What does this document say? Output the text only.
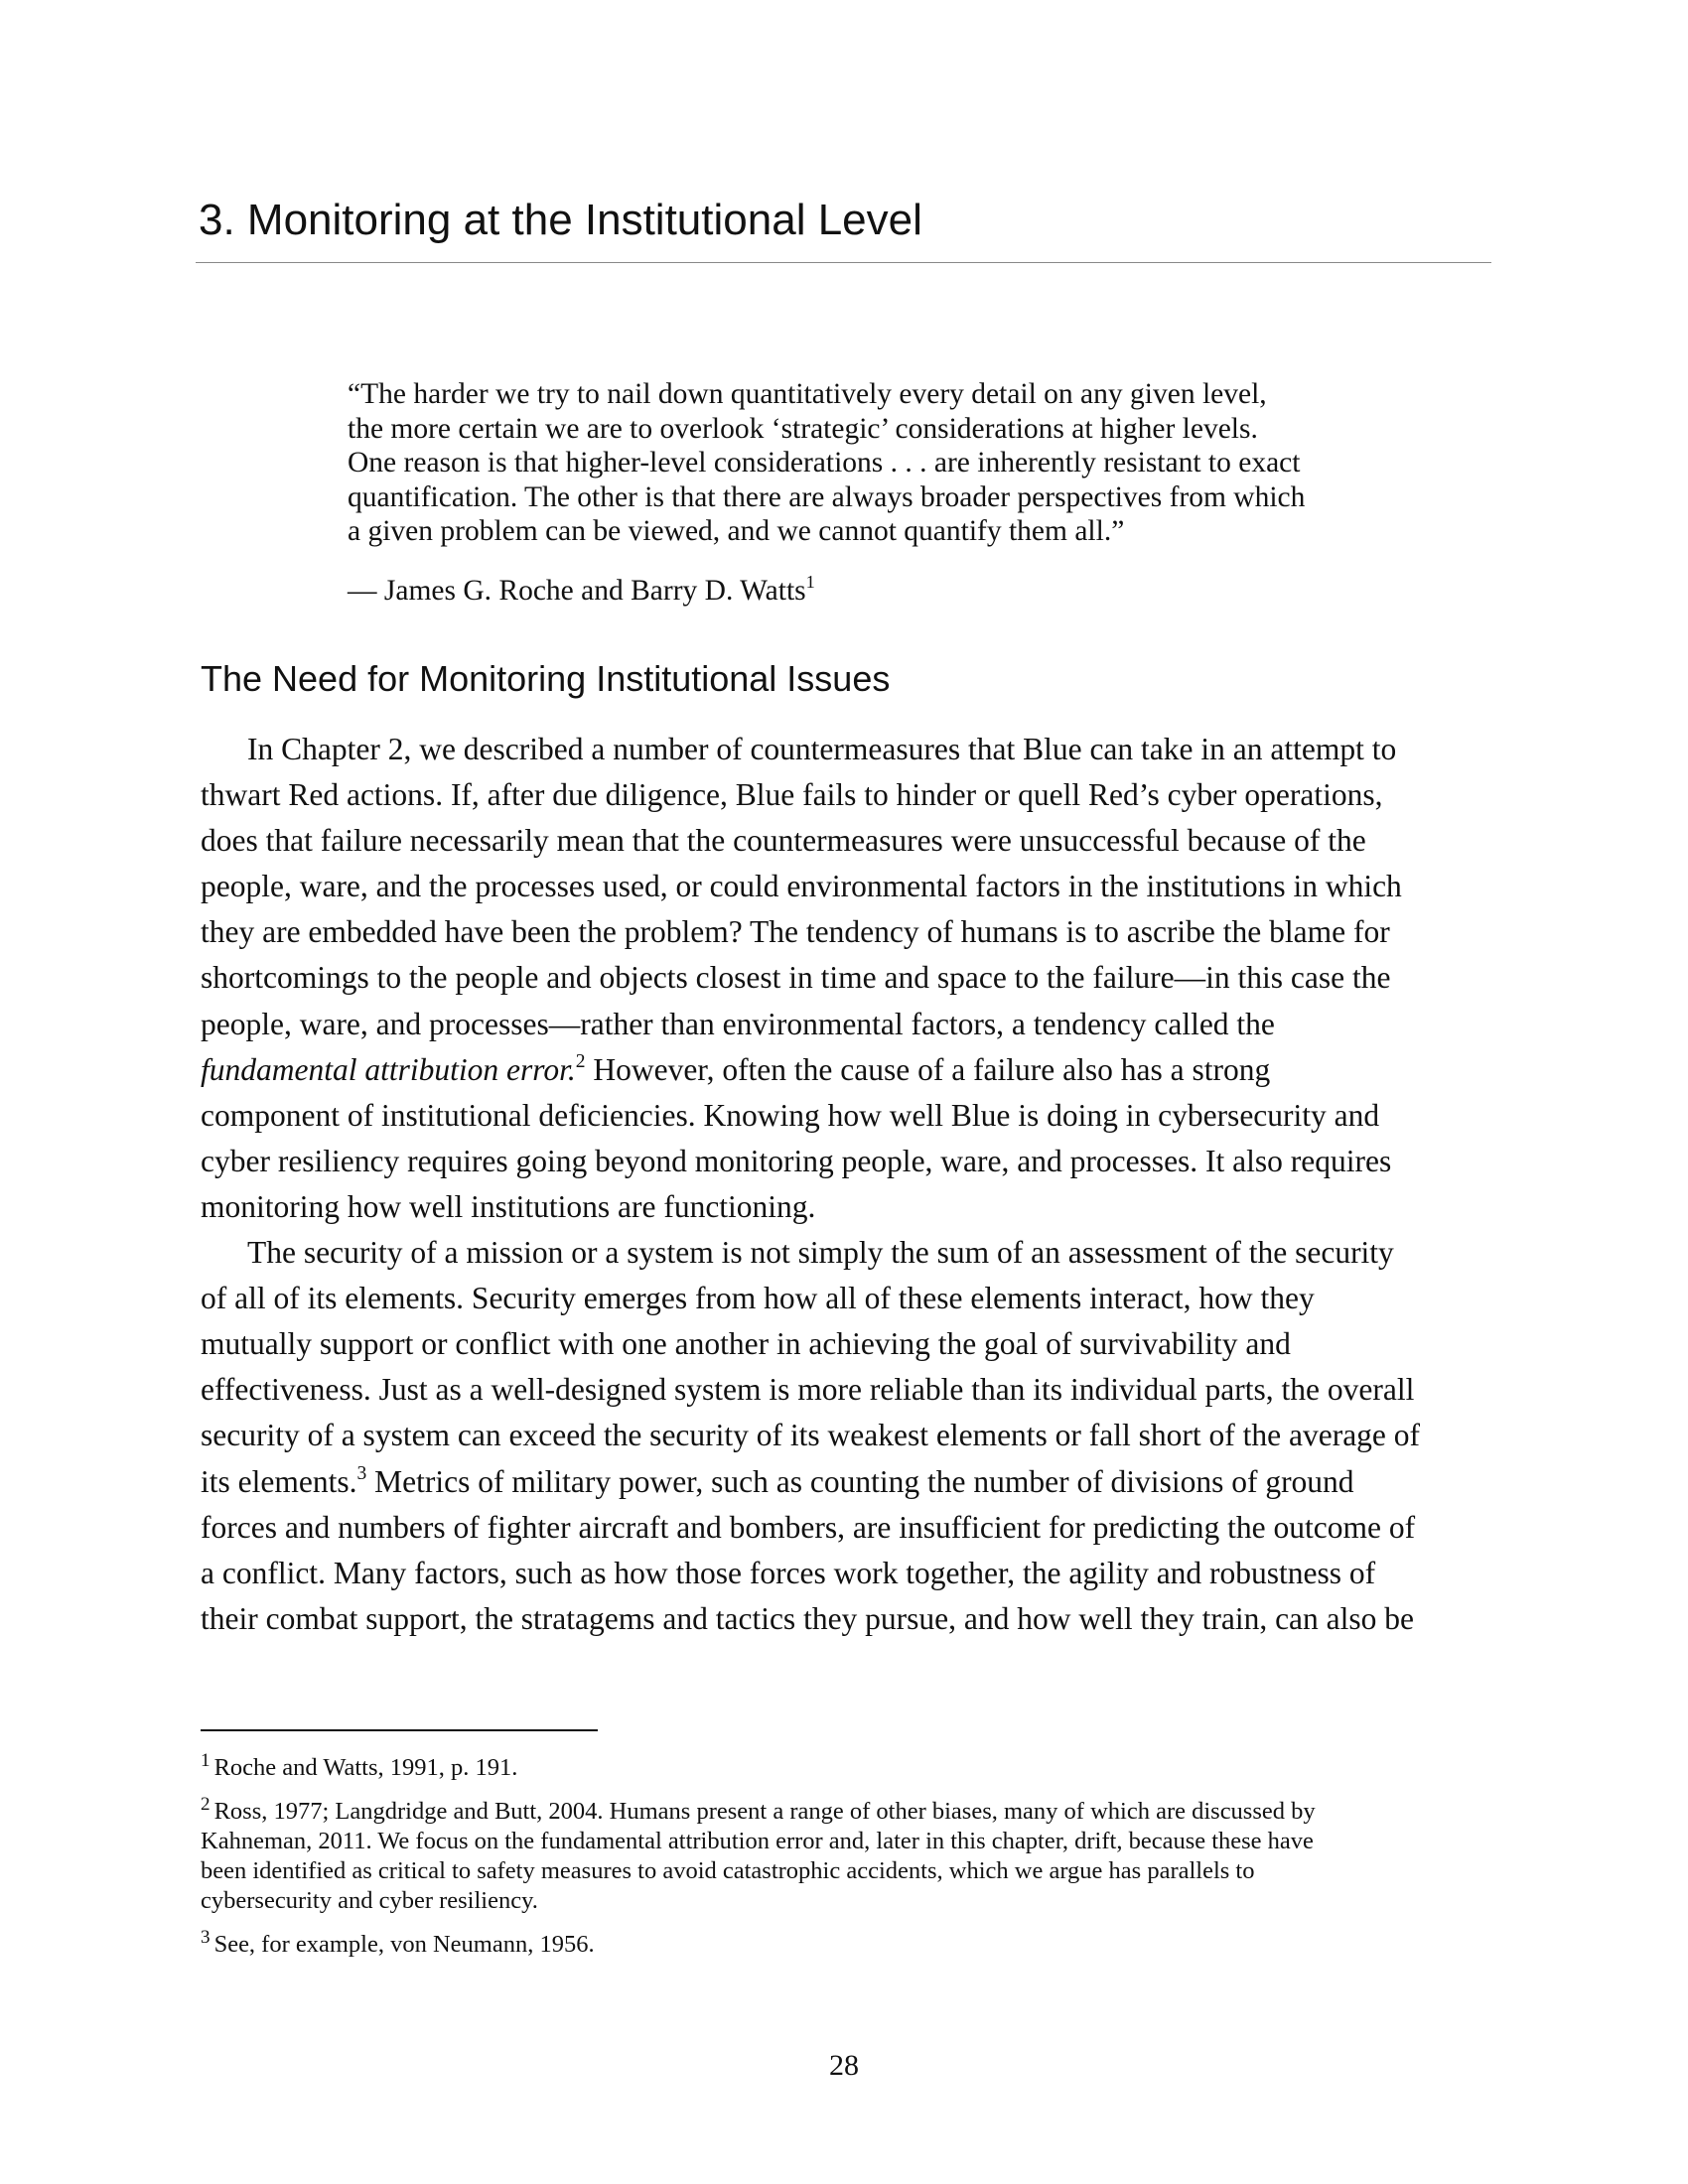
3. Monitoring at the Institutional Level
“The harder we try to nail down quantitatively every detail on any given level,
the more certain we are to overlook ‘strategic’ considerations at higher levels.
One reason is that higher-level considerations . . . are inherently resistant to exact
quantification. The other is that there are always broader perspectives from which
a given problem can be viewed, and we cannot quantify them all.”
— James G. Roche and Barry D. Watts$^1$
The Need for Monitoring Institutional Issues
In Chapter 2, we described a number of countermeasures that Blue can take in an attempt to
thwart Red actions. If, after due diligence, Blue fails to hinder or quell Red’s cyber operations,
does that failure necessarily mean that the countermeasures were unsuccessful because of the
people, ware, and the processes used, or could environmental factors in the institutions in which
they are embedded have been the problem? The tendency of humans is to ascribe the blame for
shortcomings to the people and objects closest in time and space to the failure—in this case the
people, ware, and processes—rather than environmental factors, a tendency called the
fundamental attribution error.$^2$ However, often the cause of a failure also has a strong
component of institutional deficiencies. Knowing how well Blue is doing in cybersecurity and
cyber resiliency requires going beyond monitoring people, ware, and processes. It also requires
monitoring how well institutions are functioning.
The security of a mission or a system is not simply the sum of an assessment of the security
of all of its elements. Security emerges from how all of these elements interact, how they
mutually support or conflict with one another in achieving the goal of survivability and
effectiveness. Just as a well-designed system is more reliable than its individual parts, the overall
security of a system can exceed the security of its weakest elements or fall short of the average of
its elements.$^3$ Metrics of military power, such as counting the number of divisions of ground
forces and numbers of fighter aircraft and bombers, are insufficient for predicting the outcome of
a conflict. Many factors, such as how those forces work together, the agility and robustness of
their combat support, the stratagems and tactics they pursue, and how well they train, can also be
$^1$ Roche and Watts, 1991, p. 191.
$^2$ Ross, 1977; Langdridge and Butt, 2004. Humans present a range of other biases, many of which are discussed by
Kahneman, 2011. We focus on the fundamental attribution error and, later in this chapter, drift, because these have
been identified as critical to safety measures to avoid catastrophic accidents, which we argue has parallels to
cybersecurity and cyber resiliency.
$^3$ See, for example, von Neumann, 1956.
28
